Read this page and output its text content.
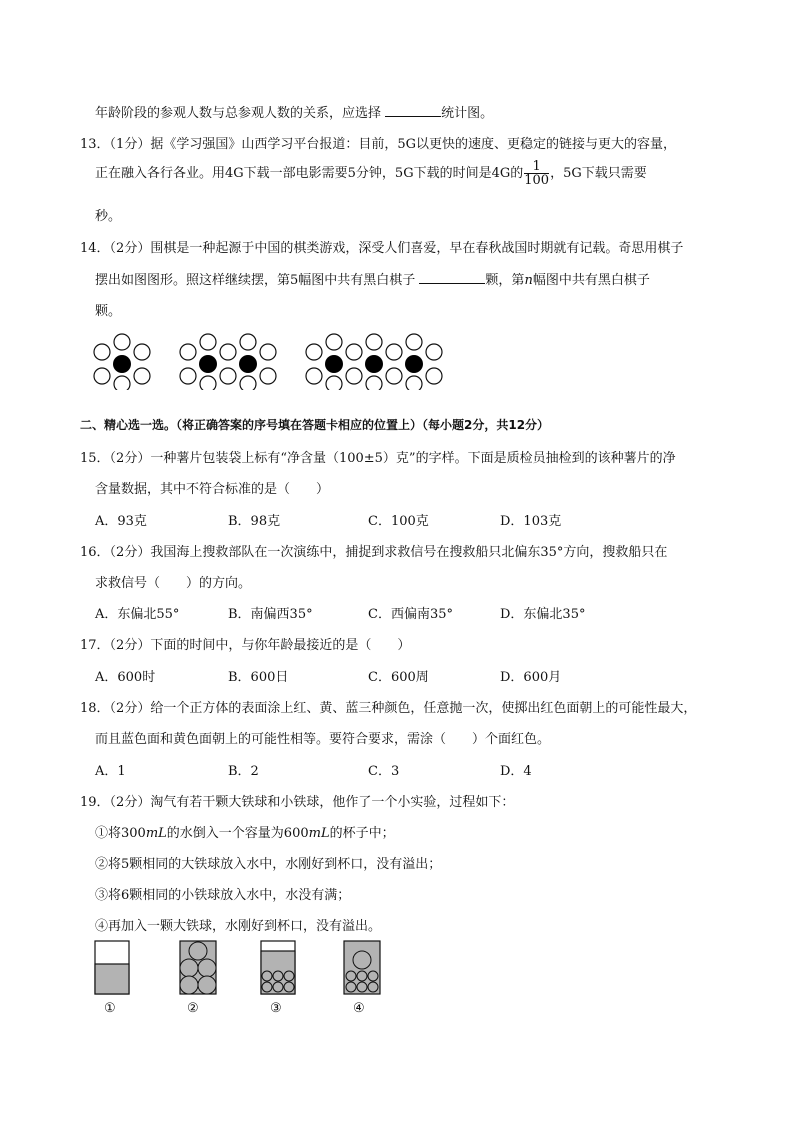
年龄阶段的参观人数与总参观人数的关系，应选择	统计图。
13．（1分）据《学习强国》山西学习平台报道：目前，5G以更快的速度、更稳定的链接与更大的容量，
正在融入各行各业。用4G下载一部电影需要5分钟，5G下载的时间是4G的 $\frac{1}{100}$ ，5G下载只需要
秒。
14．（2分）围棋是一种起源于中国的棋类游戏，深受人们喜爱，早在春秋战国时期就有记载。奇思用棋子
摆出如图图形。照这样继续摆，第5幅图中共有黑白棋子	颗，第n幅图中共有黑白棋子
颗。
二、精心选一选。（将正确答案的序号填在答题卡相应的位置上）（每小题2分，共12分）
15．（2分）一种薯片包装袋上标有“净含量（100±5）克”的字样。下面是质检员抽检到的该种薯片的净
含量数据，其中不符合标准的是（　　）
A．93克	B．98克	C．100克	D．103克
16．（2分）我国海上搜救部队在一次演练中，捕捉到求救信号在搜救船只北偏东35°方向，搜救船只在
求救信号（　　）的方向。
A．东偏北55°	B．南偏西35°	C．西偏南35°	D．东偏北35°
17．（2分）下面的时间中，与你年龄最接近的是（　　）
A．600时	B．600日	C．600周	D．600月
18．（2分）给一个正方体的表面涂上红、黄、蓝三种颜色，任意抛一次，使掷出红色面朝上的可能性最大，
而且蓝色面和黄色面朝上的可能性相等。要符合要求，需涂（　　）个面红色。
A．1	B．2	C．3	D．4
19．（2分）淘气有若干颗大铁球和小铁球，他作了一个小实验，过程如下：
①将300mL的水倒入一个容量为600mL的杯子中；
②将5颗相同的大铁球放入水中，水刚好到杯口，没有溢出；
③将6颗相同的小铁球放入水中，水没有满；
④再加入一颗大铁球，水刚好到杯口，没有溢出。
①	②	③	④
